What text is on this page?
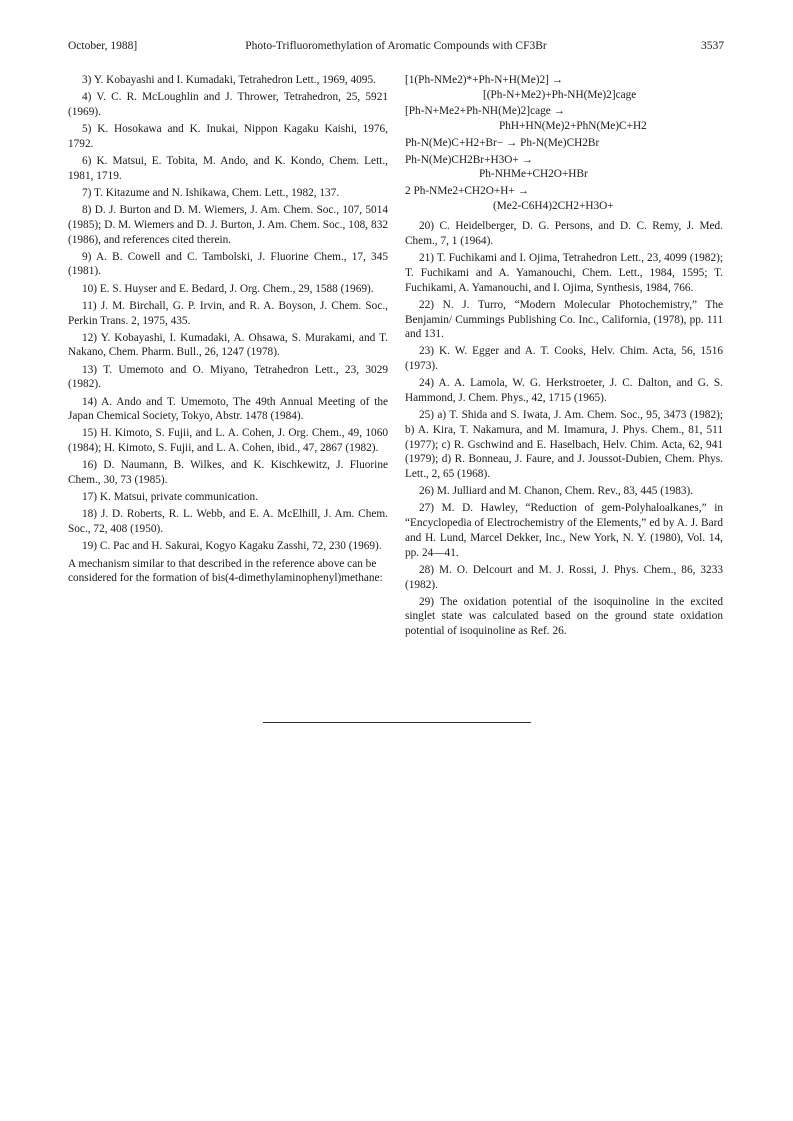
October, 1988]	Photo-Trifluoromethylation of Aromatic Compounds with CF3Br	3537

3) Y. Kobayashi and I. Kumadaki, Tetrahedron Lett., 1969, 4095.

4) V. C. R. McLoughlin and J. Thrower, Tetrahedron, 25, 5921 (1969).

5) K. Hosokawa and K. Inukai, Nippon Kagaku Kaishi, 1976, 1792.

6) K. Matsui, E. Tobita, M. Ando, and K. Kondo, Chem. Lett., 1981, 1719.

7) T. Kitazume and N. Ishikawa, Chem. Lett., 1982, 137.

8) D. J. Burton and D. M. Wiemers, J. Am. Chem. Soc., 107, 5014 (1985); D. M. Wiemers and D. J. Burton, J. Am. Chem. Soc., 108, 832 (1986), and references cited therein.

9) A. B. Cowell and C. Tambolski, J. Fluorine Chem., 17, 345 (1981).

10) E. S. Huyser and E. Bedard, J. Org. Chem., 29, 1588 (1969).

11) J. M. Birchall, G. P. Irvin, and R. A. Boyson, J. Chem. Soc., Perkin Trans. 2, 1975, 435.

12) Y. Kobayashi, I. Kumadaki, A. Ohsawa, S. Murakami, and T. Nakano, Chem. Pharm. Bull., 26, 1247 (1978).

13) T. Umemoto and O. Miyano, Tetrahedron Lett., 23, 3029 (1982).

14) A. Ando and T. Umemoto, The 49th Annual Meeting of the Japan Chemical Society, Tokyo, Abstr. 1478 (1984).

15) H. Kimoto, S. Fujii, and L. A. Cohen, J. Org. Chem., 49, 1060 (1984); H. Kimoto, S. Fujii, and L. A. Cohen, ibid., 47, 2867 (1982).

16) D. Naumann, B. Wilkes, and K. Kischkewitz, J. Fluorine Chem., 30, 73 (1985).

17) K. Matsui, private communication.

18) J. D. Roberts, R. L. Webb, and E. A. McElhill, J. Am. Chem. Soc., 72, 408 (1950).

19) C. Pac and H. Sakurai, Kogyo Kagaku Zasshi, 72, 230 (1969).

A mechanism similar to that described in the reference above can be considered for the formation of bis(4-dimethylaminophenyl)methane:

[1(Ph-NMe2)*+Ph-N+H(Me)2] →
[(Ph-N+Me2)+Ph-NH(Me)2]cage
[Ph-N+Me2+Ph-NH(Me)2]cage →
PhH+HN(Me)2+PhN(Me)C+H2
Ph-N(Me)C+H2+Br− → Ph-N(Me)CH2Br
Ph-N(Me)CH2Br+H3O+ →
Ph-NHMe+CH2O+HBr
2 Ph-NMe2+CH2O+H+ →
(Me2-C6H4)2CH2+H3O+

20) C. Heidelberger, D. G. Persons, and D. C. Remy, J. Med. Chem., 7, 1 (1964).

21) T. Fuchikami and I. Ojima, Tetrahedron Lett., 23, 4099 (1982); T. Fuchikami and A. Yamanouchi, Chem. Lett., 1984, 1595; T. Fuchikami, A. Yamanouchi, and I. Ojima, Synthesis, 1984, 766.

22) N. J. Turro, “Modern Molecular Photochemistry,” The Benjamin/ Cummings Publishing Co. Inc., California, (1978), pp. 111 and 131.

23) K. W. Egger and A. T. Cooks, Helv. Chim. Acta, 56, 1516 (1973).

24) A. A. Lamola, W. G. Herkstroeter, J. C. Dalton, and G. S. Hammond, J. Chem. Phys., 42, 1715 (1965).

25) a) T. Shida and S. Iwata, J. Am. Chem. Soc., 95, 3473 (1982); b) A. Kira, T. Nakamura, and M. Imamura, J. Phys. Chem., 81, 511 (1977); c) R. Gschwind and E. Haselbach, Helv. Chim. Acta, 62, 941 (1979); d) R. Bonneau, J. Faure, and J. Joussot-Dubien, Chem. Phys. Lett., 2, 65 (1968).

26) M. Julliard and M. Chanon, Chem. Rev., 83, 445 (1983).

27) M. D. Hawley, “Reduction of gem-Polyhaloalkanes,” in “Encyclopedia of Electrochemistry of the Elements,” ed by A. J. Bard and H. Lund, Marcel Dekker, Inc., New York, N. Y. (1980), Vol. 14, pp. 24—41.

28) M. O. Delcourt and M. J. Rossi, J. Phys. Chem., 86, 3233 (1982).

29) The oxidation potential of the isoquinoline in the excited singlet state was calculated based on the ground state oxidation potential of isoquinoline as Ref. 26.
